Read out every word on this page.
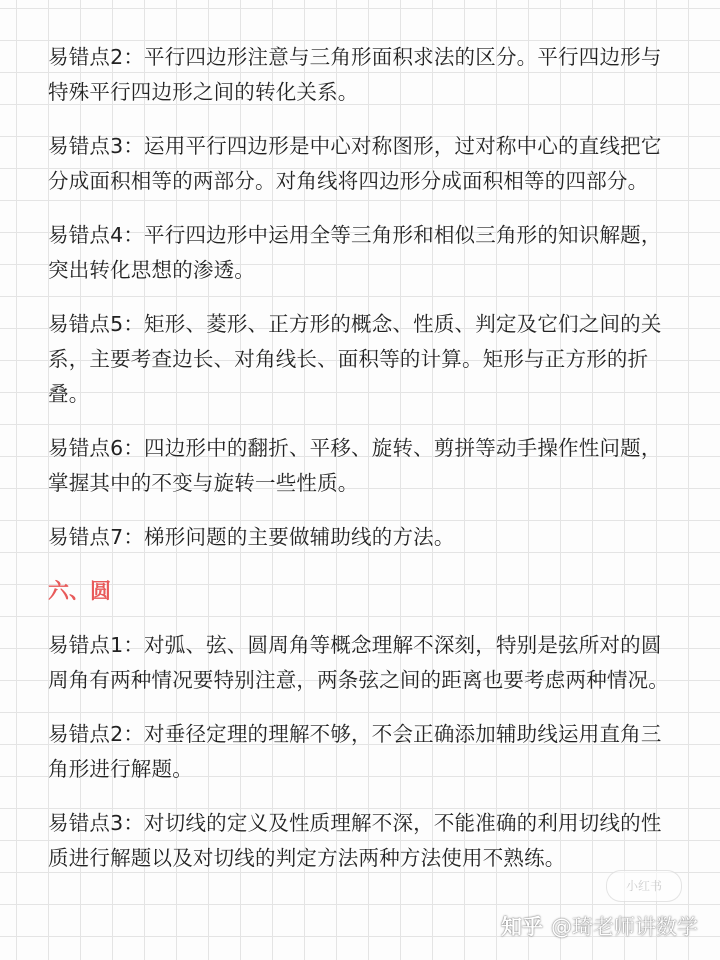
易错点2：平行四边形注意与三角形面积求法的区分。平行四边形与特殊平行四边形之间的转化关系。

易错点3：运用平行四边形是中心对称图形，过对称中心的直线把它分成面积相等的两部分。对角线将四边形分成面积相等的四部分。

易错点4：平行四边形中运用全等三角形和相似三角形的知识解题，突出转化思想的渗透。

易错点5：矩形、菱形、正方形的概念、性质、判定及它们之间的关系，主要考查边长、对角线长、面积等的计算。矩形与正方形的折叠。

易错点6：四边形中的翻折、平移、旋转、剪拼等动手操作性问题，掌握其中的不变与旋转一些性质。

易错点7：梯形问题的主要做辅助线的方法。

六、圆

易错点1：对弧、弦、圆周角等概念理解不深刻，特别是弦所对的圆周角有两种情况要特别注意，两条弦之间的距离也要考虑两种情况。

易错点2：对垂径定理的理解不够，不会正确添加辅助线运用直角三角形进行解题。

易错点3：对切线的定义及性质理解不深，不能准确的利用切线的性质进行解题以及对切线的判定方法两种方法使用不熟练。

小红书
知乎 @琦老师讲数学
